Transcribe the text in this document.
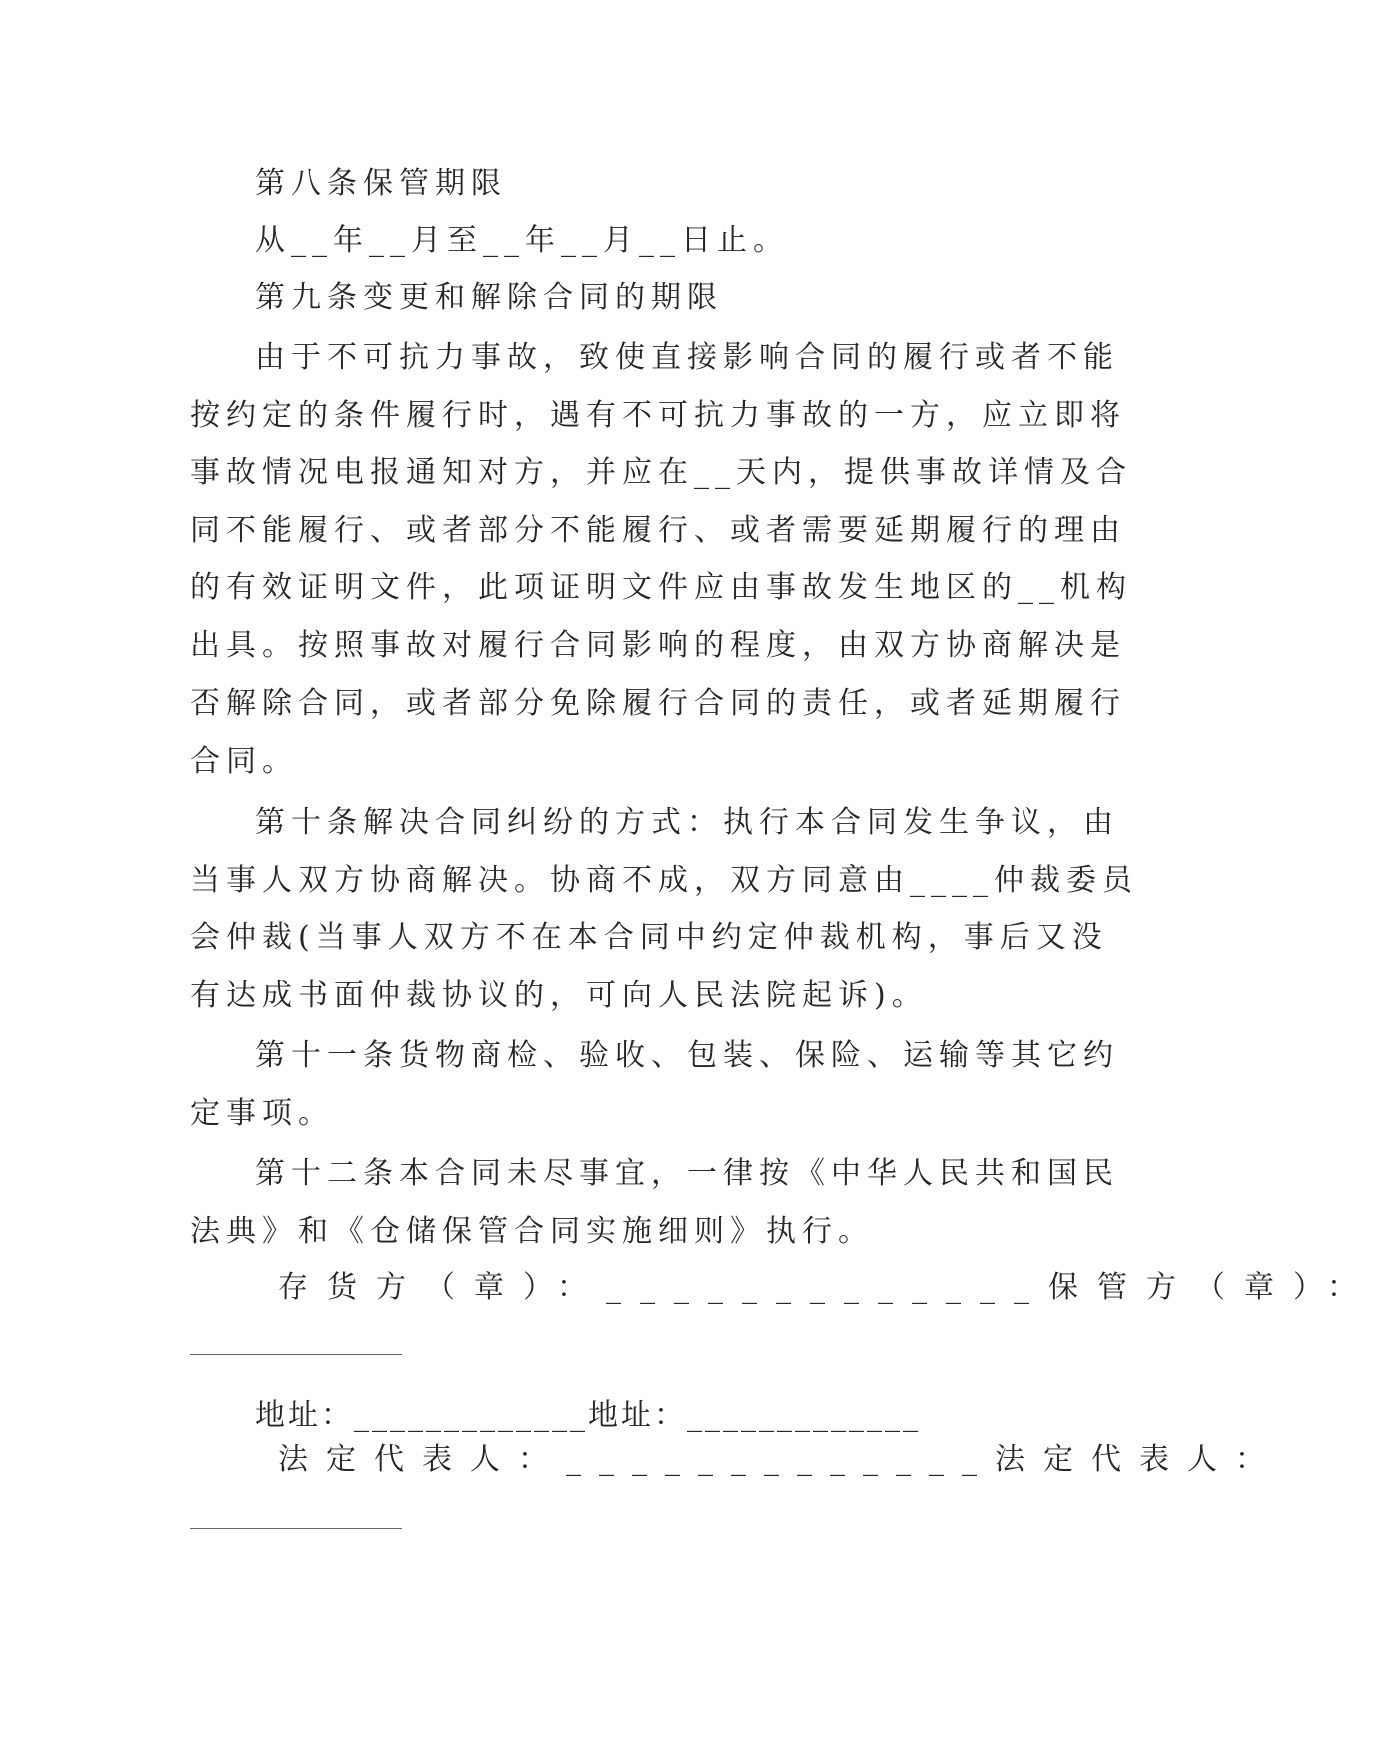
第八条保管期限
从__年__月至__年__月__日止。
第九条变更和解除合同的期限
由于不可抗力事故，致使直接影响合同的履行或者不能
按约定的条件履行时，遇有不可抗力事故的一方，应立即将
事故情况电报通知对方，并应在__天内，提供事故详情及合
同不能履行、或者部分不能履行、或者需要延期履行的理由
的有效证明文件，此项证明文件应由事故发生地区的__机构
出具。按照事故对履行合同影响的程度，由双方协商解决是
否解除合同，或者部分免除履行合同的责任，或者延期履行
合同。
第十条解决合同纠纷的方式：执行本合同发生争议，由
当事人双方协商解决。协商不成，双方同意由____仲裁委员
会仲裁(当事人双方不在本合同中约定仲裁机构，事后又没
有达成书面仲裁协议的，可向人民法院起诉)。
第十一条货物商检、验收、包装、保险、运输等其它约
定事项。
第十二条本合同未尽事宜，一律按《中华人民共和国民
法典》和《仓储保管合同实施细则》执行。
存货方（章）：_____________保管方（章）：
地址：_____________地址：_____________
法定代表人：_____________法定代表人：
